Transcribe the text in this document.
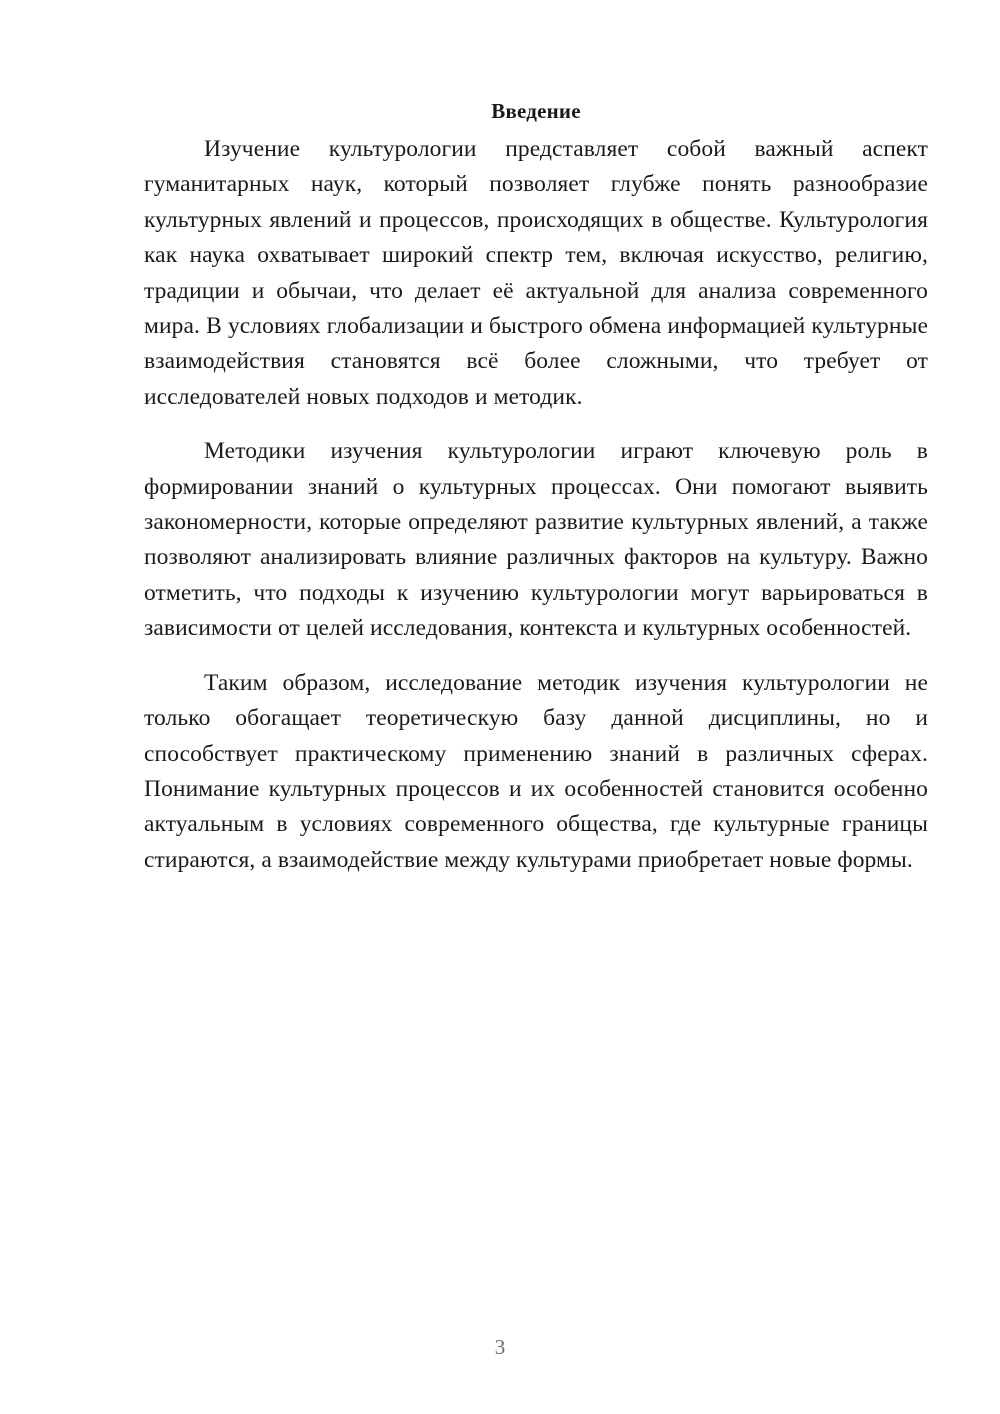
Введение

Изучение культурологии представляет собой важный аспект гуманитарных наук, который позволяет глубже понять разнообразие культурных явлений и процессов, происходящих в обществе. Культурология как наука охватывает широкий спектр тем, включая искусство, религию, традиции и обычаи, что делает её актуальной для анализа современного мира. В условиях глобализации и быстрого обмена информацией культурные взаимодействия становятся всё более сложными, что требует от исследователей новых подходов и методик.

Методики изучения культурологии играют ключевую роль в формировании знаний о культурных процессах. Они помогают выявить закономерности, которые определяют развитие культурных явлений, а также позволяют анализировать влияние различных факторов на культуру. Важно отметить, что подходы к изучению культурологии могут варьироваться в зависимости от целей исследования, контекста и культурных особенностей.

Таким образом, исследование методик изучения культурологии не только обогащает теоретическую базу данной дисциплины, но и способствует практическому применению знаний в различных сферах. Понимание культурных процессов и их особенностей становится особенно актуальным в условиях современного общества, где культурные границы стираются, а взаимодействие между культурами приобретает новые формы.

3
